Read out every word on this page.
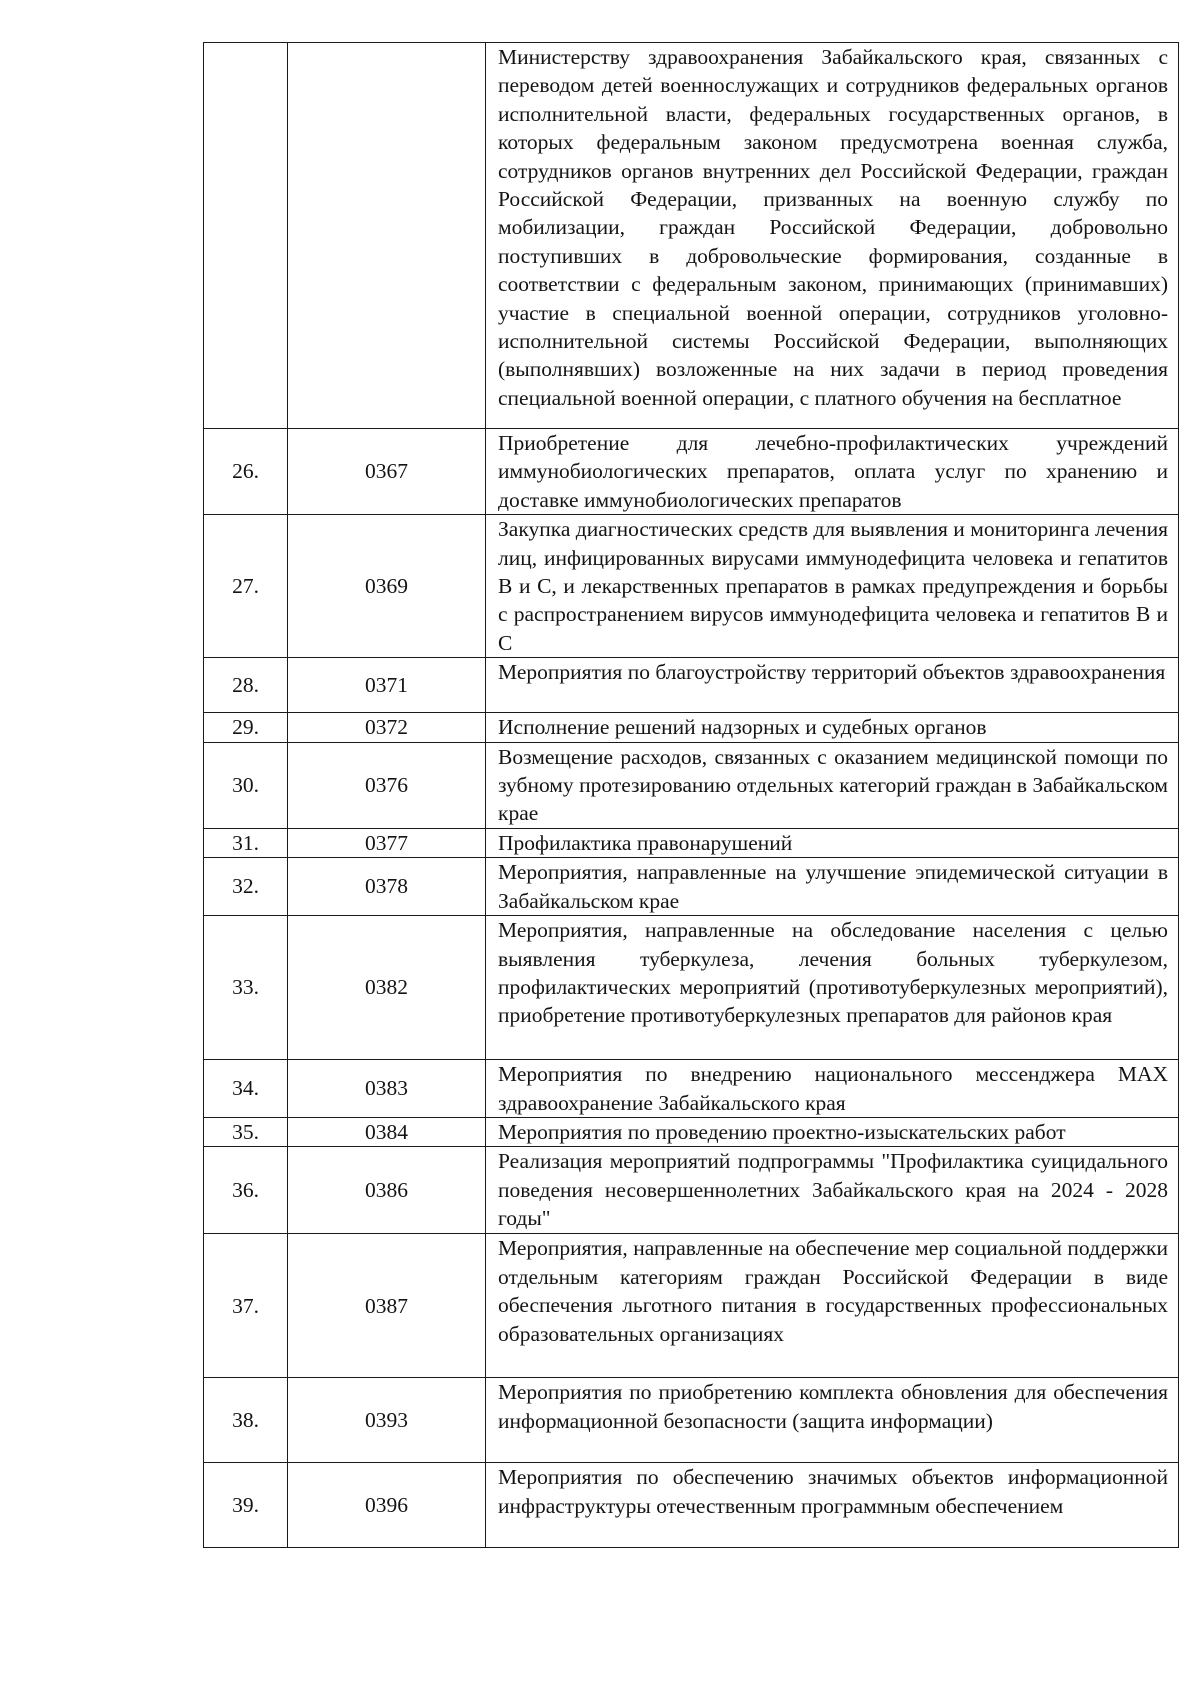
		Министерству здравоохранения Забайкальского края, связанных с переводом детей военнослужащих и сотрудников федеральных органов исполнительной власти, федеральных государственных органов, в которых федеральным законом предусмотрена военная служба, сотрудников органов внутренних дел Российской Федерации, граждан Российской Федерации, призванных на военную службу по мобилизации, граждан Российской Федерации, добровольно поступивших в добровольческие формирования, созданные в соответствии с федеральным законом, принимающих (принимавших) участие в специальной военной операции, сотрудников уголовно-исполнительной системы Российской Федерации, выполняющих (выполнявших) возложенные на них задачи в период проведения специальной военной операции, с платного обучения на бесплатное

26.	0367	Приобретение для лечебно-профилактических учреждений иммунобиологических препаратов, оплата услуг по хранению и доставке иммунобиологических препаратов

27.	0369	Закупка диагностических средств для выявления и мониторинга лечения лиц, инфицированных вирусами иммунодефицита человека и гепатитов В и С, и лекарственных препаратов в рамках предупреждения и борьбы с распространением вирусов иммунодефицита человека и гепатитов В и С

28.	0371	Мероприятия по благоустройству территорий объектов здравоохранения

29.	0372	Исполнение решений надзорных и судебных органов

30.	0376	Возмещение расходов, связанных с оказанием медицинской помощи по зубному протезированию отдельных категорий граждан в Забайкальском крае

31.	0377	Профилактика правонарушений

32.	0378	Мероприятия, направленные на улучшение эпидемической ситуации в Забайкальском крае

33.	0382	Мероприятия, направленные на обследование населения с целью выявления туберкулеза, лечения больных туберкулезом, профилактических мероприятий (противотуберкулезных мероприятий), приобретение противотуберкулезных препаратов для районов края

34.	0383	Мероприятия по внедрению национального мессенджера MAX здравоохранение Забайкальского края

35.	0384	Мероприятия по проведению проектно-изыскательских работ

36.	0386	Реализация мероприятий подпрограммы "Профилактика суицидального поведения несовершеннолетних Забайкальского края на 2024 - 2028 годы"

37.	0387	Мероприятия, направленные на обеспечение мер социальной поддержки отдельным категориям граждан Российской Федерации в виде обеспечения льготного питания в государственных профессиональных образовательных организациях

38.	0393	Мероприятия по приобретению комплекта обновления для обеспечения информационной безопасности (защита информации)

39.	0396	Мероприятия по обеспечению значимых объектов информационной инфраструктуры отечественным программным обеспечением
